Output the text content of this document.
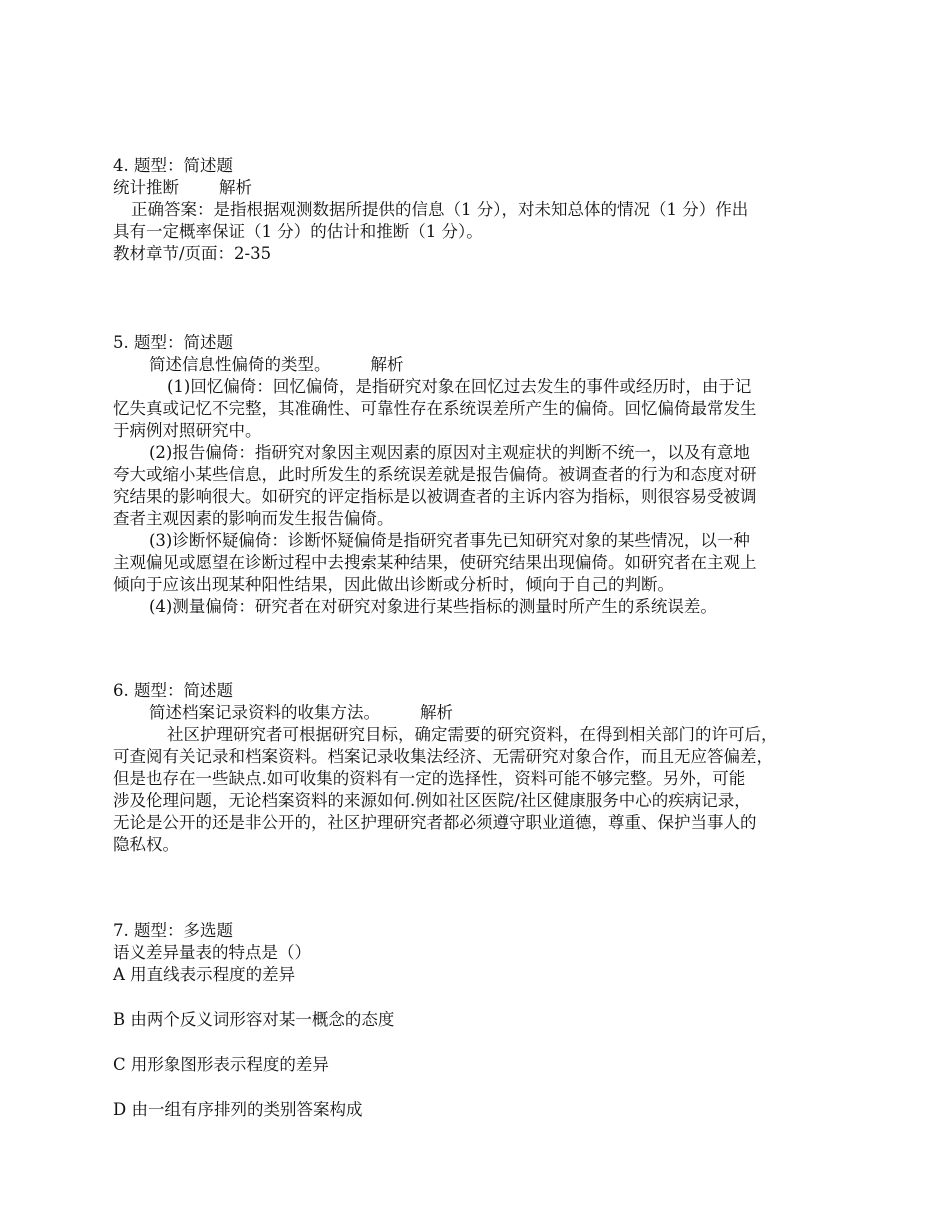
4. 题型：简述题
统计推断 解析
正确答案：是指根据观测数据所提供的信息（1 分），对未知总体的情况（1 分）作出
具有一定概率保证（1 分）的估计和推断（1 分）。
教材章节/页面：2-35
5. 题型：简述题
简述信息性偏倚的类型。 解析
(1)回忆偏倚：回忆偏倚，是指研究对象在回忆过去发生的事件或经历时，由于记
忆失真或记忆不完整，其准确性、可靠性存在系统误差所产生的偏倚。回忆偏倚最常发生
于病例对照研究中。
(2)报告偏倚：指研究对象因主观因素的原因对主观症状的判断不统一，以及有意地
夸大或缩小某些信息，此时所发生的系统误差就是报告偏倚。被调查者的行为和态度对研
究结果的影响很大。如研究的评定指标是以被调查者的主诉内容为指标，则很容易受被调
查者主观因素的影响而发生报告偏倚。
(3)诊断怀疑偏倚：诊断怀疑偏倚是指研究者事先已知研究对象的某些情况，以一种
主观偏见或愿望在诊断过程中去搜索某种结果，使研究结果出现偏倚。如研究者在主观上
倾向于应该出现某种阳性结果，因此做出诊断或分析时，倾向于自己的判断。
(4)测量偏倚：研究者在对研究对象进行某些指标的测量时所产生的系统误差。
6. 题型：简述题
简述档案记录资料的收集方法。 解析
社区护理研究者可根据研究目标，确定需要的研究资料，在得到相关部门的许可后，
可查阅有关记录和档案资料。档案记录收集法经济、无需研究对象合作，而且无应答偏差，
但是也存在一些缺点.如可收集的资料有一定的选择性，资料可能不够完整。另外，可能
涉及伦理问题，无论档案资料的来源如何.例如社区医院/社区健康服务中心的疾病记录，
无论是公开的还是非公开的，社区护理研究者都必须遵守职业道德，尊重、保护当事人的
隐私权。
7. 题型：多选题
语义差异量表的特点是（）
A 用直线表示程度的差异
B 由两个反义词形容对某一概念的态度
C 用形象图形表示程度的差异
D 由一组有序排列的类别答案构成
